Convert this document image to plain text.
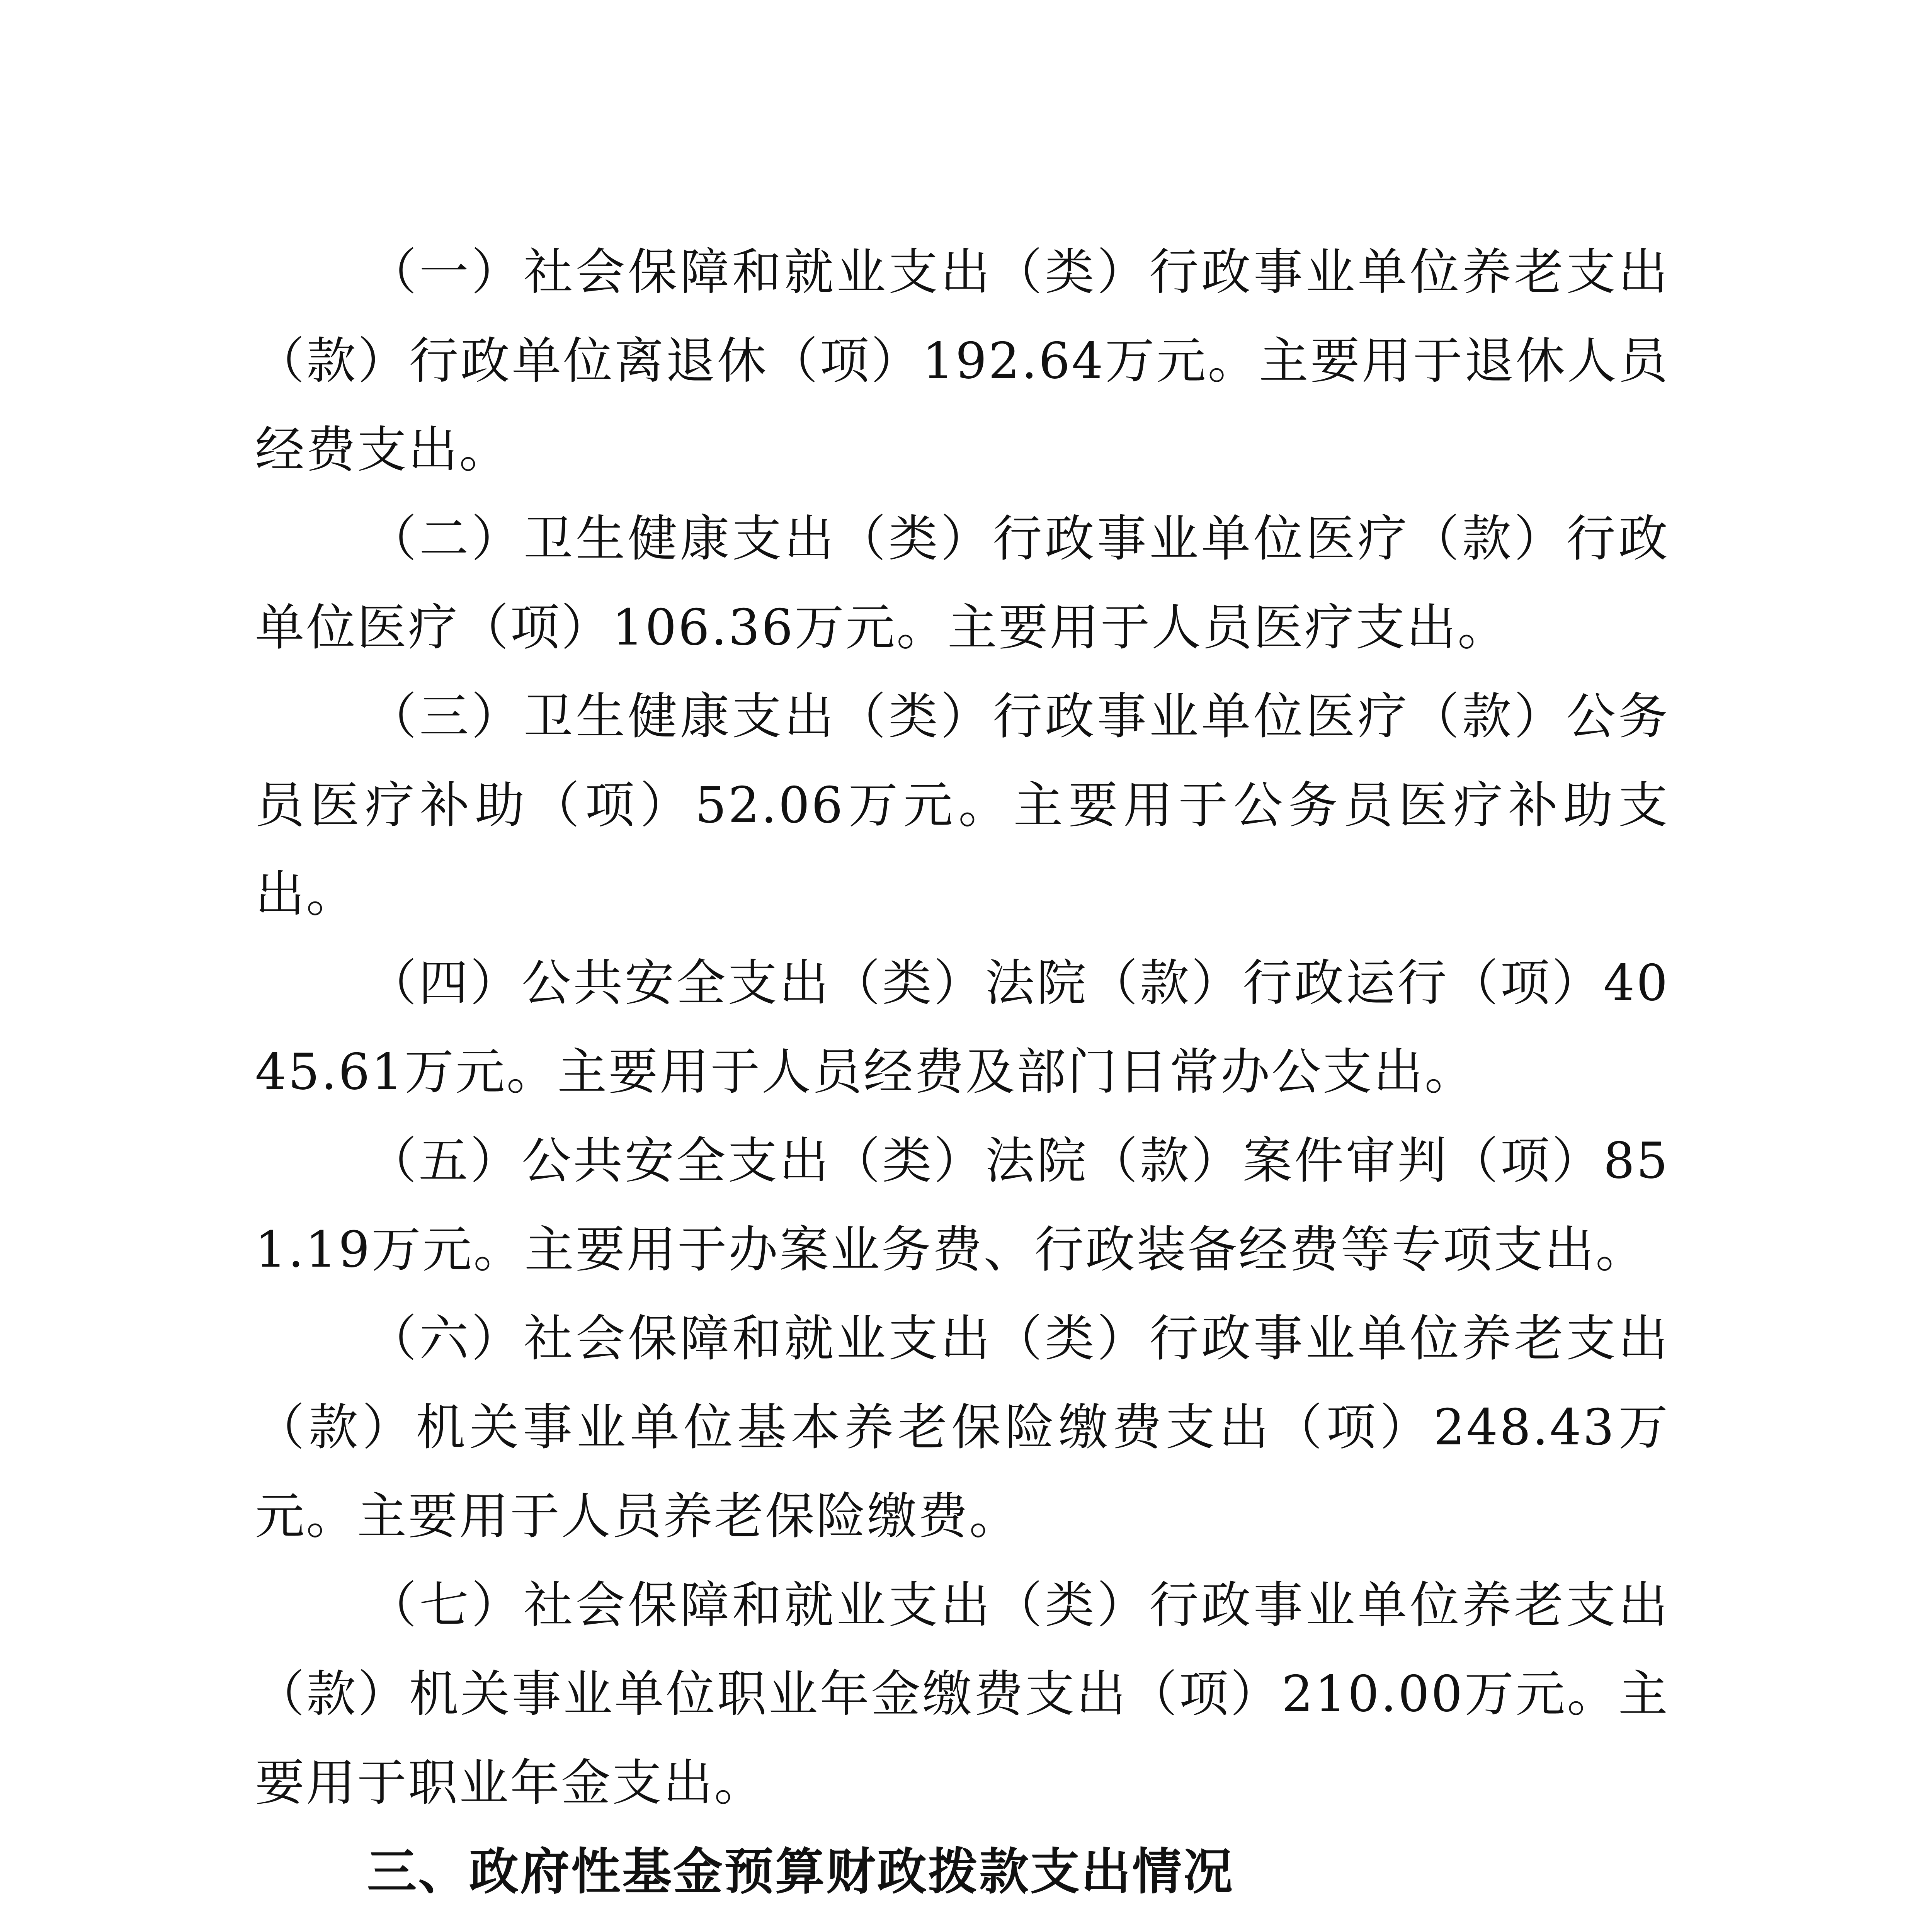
（一）社会保障和就业支出（类）行政事业单位养老支出（款）行政单位离退休（项）192.64万元。主要用于退休人员经费支出。

（二）卫生健康支出（类）行政事业单位医疗（款）行政单位医疗（项）106.36万元。主要用于人员医疗支出。

（三）卫生健康支出（类）行政事业单位医疗（款）公务员医疗补助（项）52.06万元。主要用于公务员医疗补助支出。

（四）公共安全支出（类）法院（款）行政运行（项）4045.61万元。主要用于人员经费及部门日常办公支出。

（五）公共安全支出（类）法院（款）案件审判（项）851.19万元。主要用于办案业务费、行政装备经费等专项支出。

（六）社会保障和就业支出（类）行政事业单位养老支出（款）机关事业单位基本养老保险缴费支出（项）248.43万元。主要用于人员养老保险缴费。

（七）社会保障和就业支出（类）行政事业单位养老支出（款）机关事业单位职业年金缴费支出（项）210.00万元。主要用于职业年金支出。

三、政府性基金预算财政拨款支出情况
